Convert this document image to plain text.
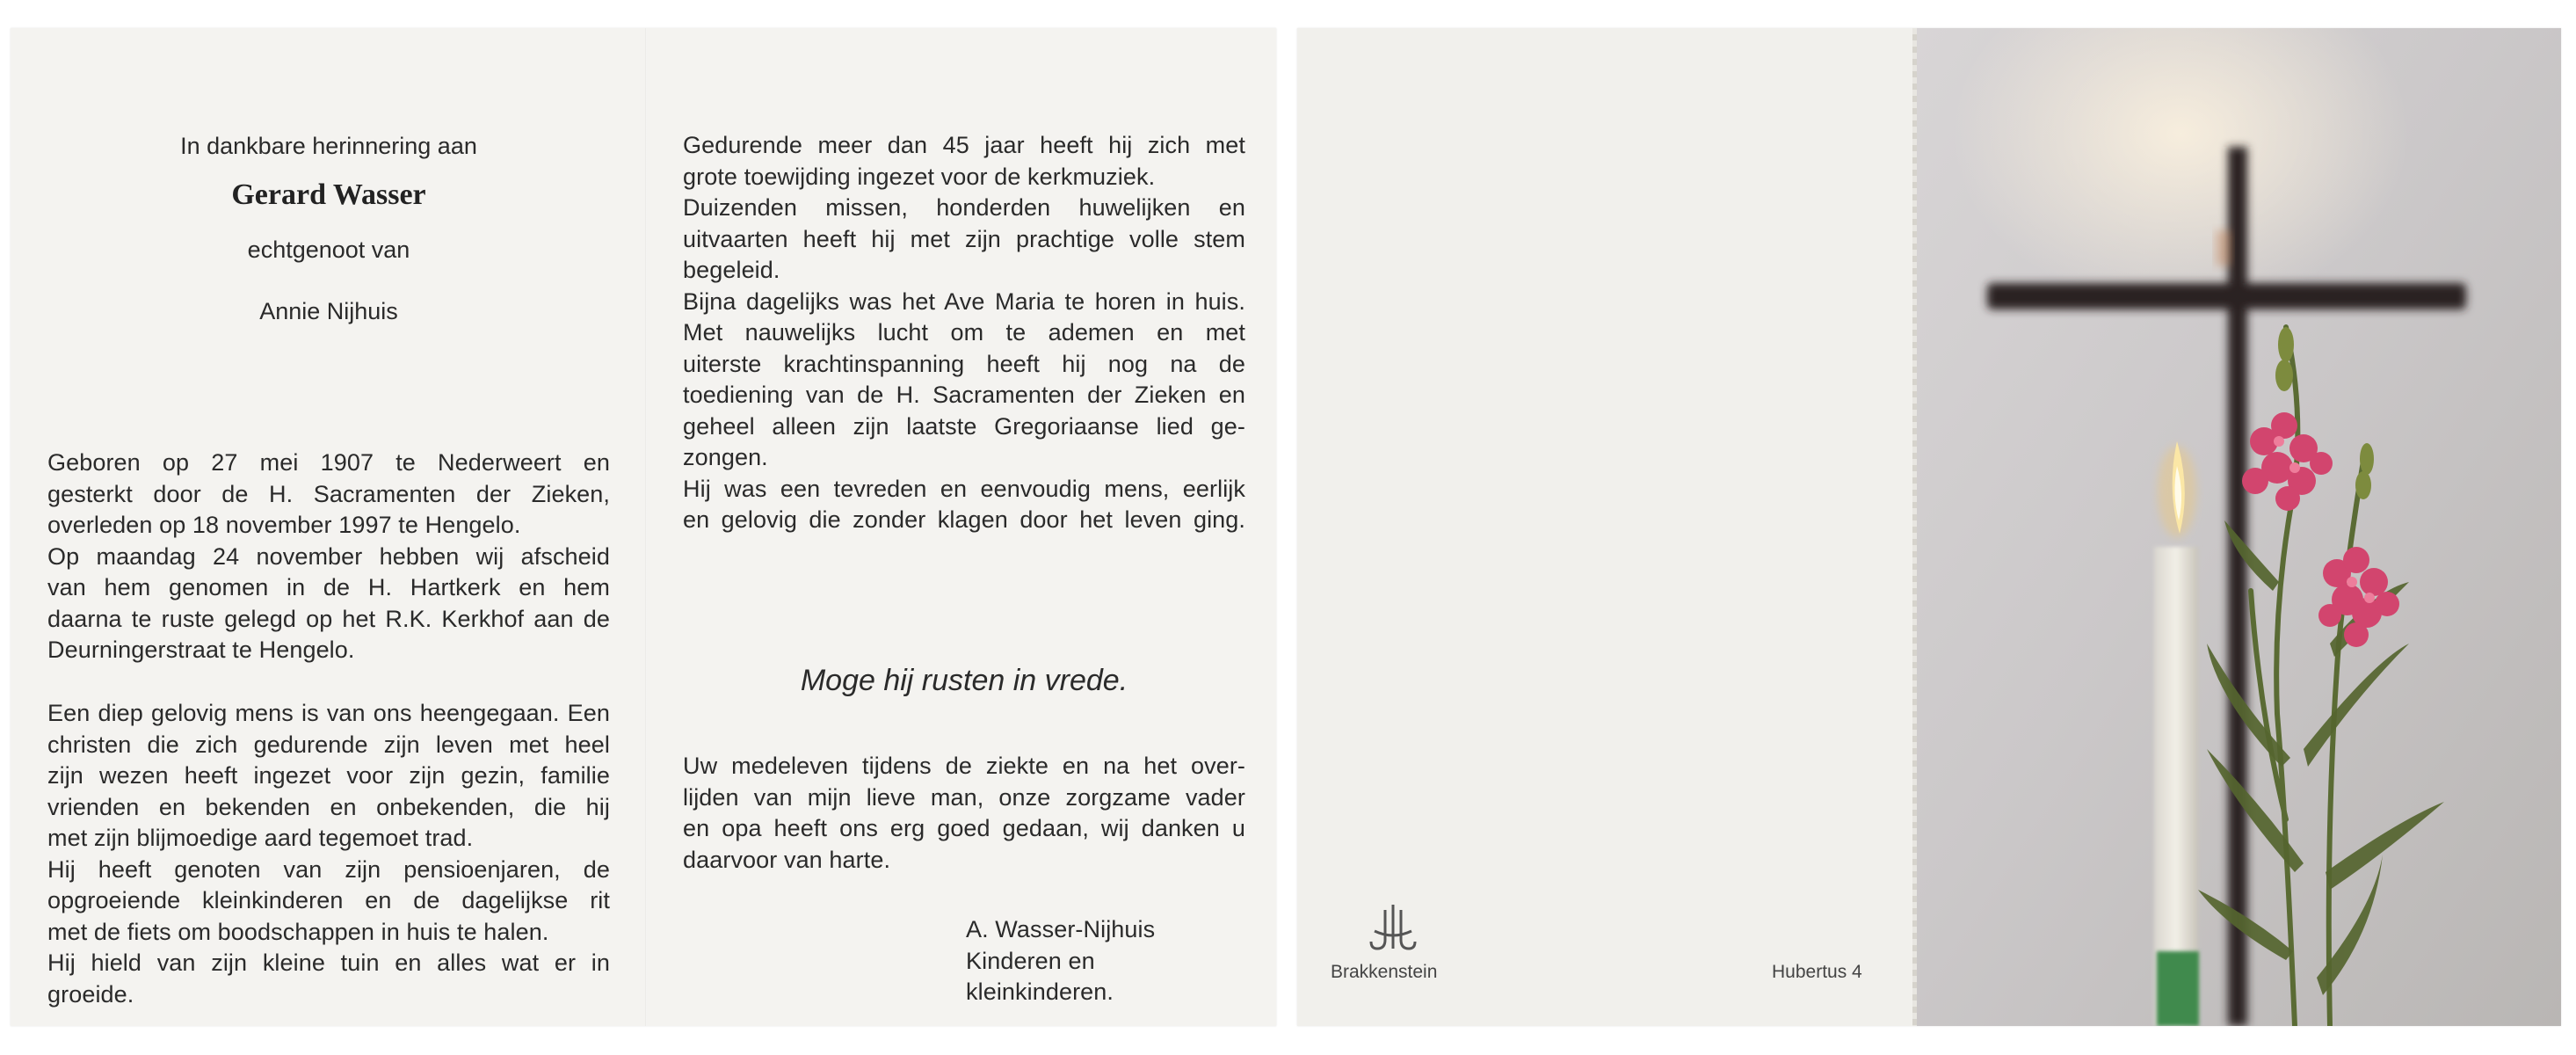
In dankbare herinnering aan

Gerard Wasser

echtgenoot van

Annie Nijhuis

Geboren op 27 mei 1907 te Nederweert en

gesterkt door de H. Sacramenten der Zieken,

overleden op 18 november 1997 te Hengelo.

Op maandag 24 november hebben wij afscheid

van hem genomen in de H. Hartkerk en hem

daarna te ruste gelegd op het R.K. Kerkhof aan de

Deurningerstraat te Hengelo.

Een diep gelovig mens is van ons heengegaan. Een

christen die zich gedurende zijn leven met heel

zijn wezen heeft ingezet voor zijn gezin, familie

vrienden en bekenden en onbekenden, die hij

met zijn blijmoedige aard tegemoet trad.

Hij heeft genoten van zijn pensioenjaren, de

opgroeiende kleinkinderen en de dagelijkse rit

met de fiets om boodschappen in huis te halen.

Hij hield van zijn kleine tuin en alles wat er in

groeide.

Gedurende meer dan 45 jaar heeft hij zich met

grote toewijding ingezet voor de kerkmuziek.

Duizenden missen, honderden huwelijken en

uitvaarten heeft hij met zijn prachtige volle stem

begeleid.

Bijna dagelijks was het Ave Maria te horen in huis.

Met nauwelijks lucht om te ademen en met

uiterste krachtinspanning heeft hij nog na de

toediening van de H. Sacramenten der Zieken en

geheel alleen zijn laatste Gregoriaanse lied ge-

zongen.

Hij was een tevreden en eenvoudig mens, eerlijk

en gelovig die zonder klagen door het leven ging.

Moge hij rusten in vrede.

Uw medeleven tijdens de ziekte en na het over-

lijden van mijn lieve man, onze zorgzame vader

en opa heeft ons erg goed gedaan, wij danken u

daarvoor van harte.

A. Wasser-Nijhuis

Kinderen en

kleinkinderen.

Brakkenstein	Hubertus 4
